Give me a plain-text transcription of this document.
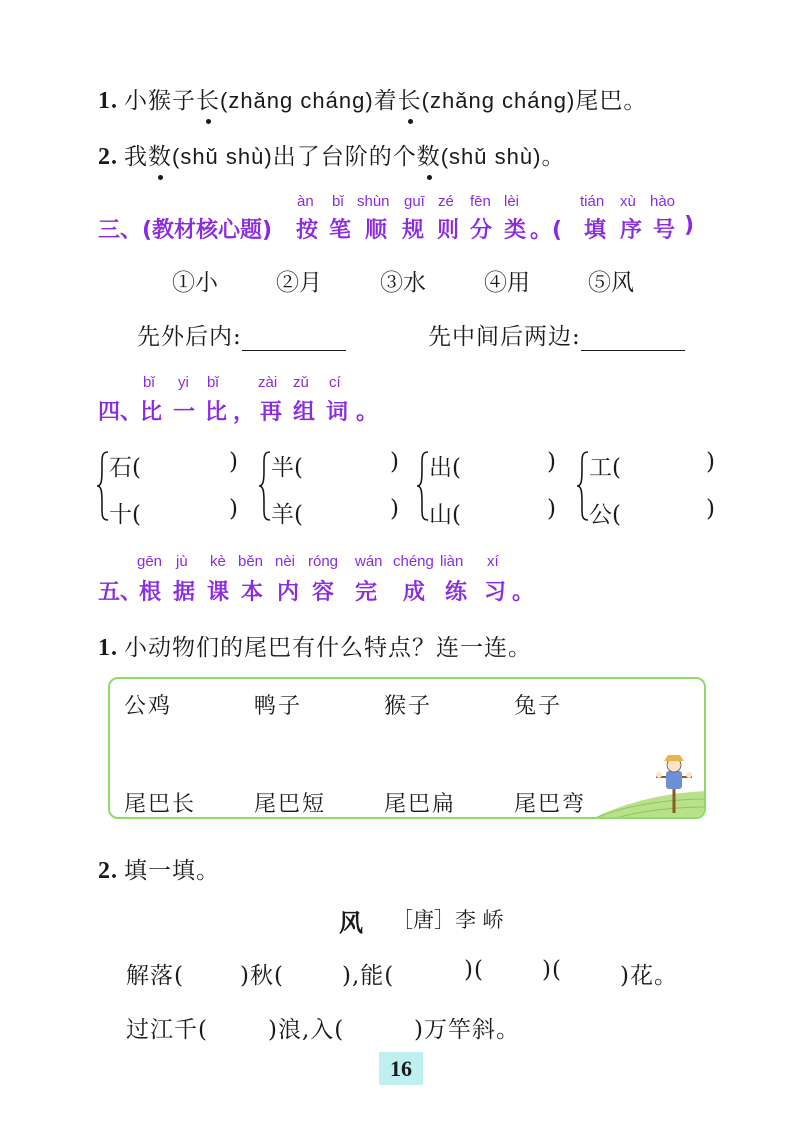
1. 小猴子长(zhǎng cháng)着长(zhǎng cháng)尾巴。
2. 我数(shǔ shù)出了台阶的个数(shǔ shù)。
三、(教材核心题)
àn
按
bǐ
笔
shùn
顺
guī
规
zé
则
fēn
分
lèi
类 。(
tián
填
xù
序
hào
号 )
①小	②月	③水	④用	⑤风
先外后内:	先中间后两边:
四、
bǐ
比
yi
一
bǐ
比 ，
zài
再
zǔ
组
cí
词 。
石(	)
十(	)
半(	)
羊(	)
出(	)
山(	)
工(	)
公(	)
五、
gēn
根
jù
据
kè
课
běn
本
nèi
内
róng
容
wán
完
chéng
成
liàn
练
xí
习 。
1. 小动物们的尾巴有什么特点？连一连。
公鸡	鸭子	猴子	兔子
尾巴长	尾巴短	尾巴扁	尾巴弯
2. 填一填。
风 ［唐］李 峤
解落( )秋(	),能(	)(	)(	)花。
过江千(	)浪,入(	)万竿斜。
16
